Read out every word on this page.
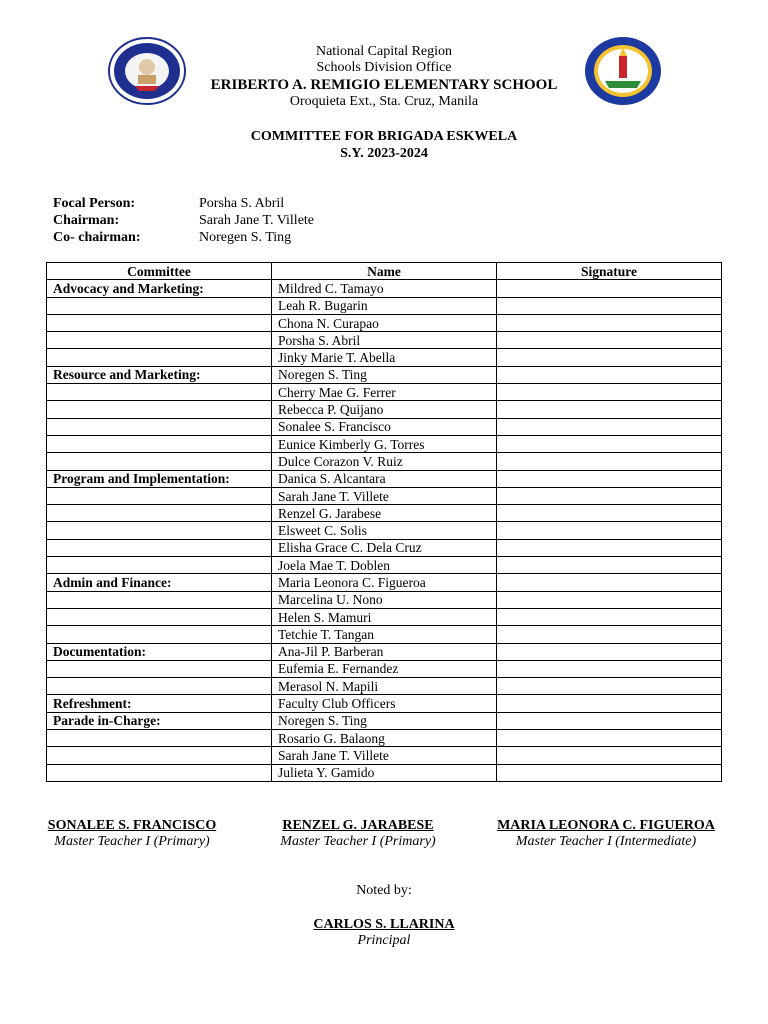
National Capital Region
Schools Division Office
ERIBERTO A. REMIGIO ELEMENTARY SCHOOL
Oroquieta Ext., Sta. Cruz, Manila
COMMITTEE FOR BRIGADA ESKWELA
S.Y. 2023-2024
Focal Person:	Porsha S. Abril
Chairman:	Sarah Jane T. Villete
Co- chairman:	Noregen S. Ting
Committee	Name	Signature
Advocacy and Marketing:	Mildred C. Tamayo	
	Leah R. Bugarin	
	Chona N. Curapao	
	Porsha S. Abril	
	Jinky Marie T. Abella	
Resource and Marketing:	Noregen S. Ting	
	Cherry Mae G. Ferrer	
	Rebecca P. Quijano	
	Sonalee S. Francisco	
	Eunice Kimberly G. Torres	
	Dulce Corazon V. Ruiz	
Program and Implementation:	Danica S. Alcantara	
	Sarah Jane T. Villete	
	Renzel G. Jarabese	
	Elsweet C. Solis	
	Elisha Grace C. Dela Cruz	
	Joela Mae T. Doblen	
Admin and Finance:	Maria Leonora C. Figueroa	
	Marcelina U. Nono	
	Helen S. Mamuri	
	Tetchie T. Tangan	
Documentation:	Ana-Jil P. Barberan	
	Eufemia E. Fernandez	
	Merasol N. Mapili	
Refreshment:	Faculty Club Officers	
Parade in-Charge:	Noregen S. Ting	
	Rosario G. Balaong	
	Sarah Jane T. Villete	
	Julieta Y. Gamido	
SONALEE S. FRANCISCO
Master Teacher I (Primary)
RENZEL G. JARABESE
Master Teacher I (Primary)
MARIA LEONORA C. FIGUEROA
Master Teacher I (Intermediate)
Noted by:
CARLOS S. LLARINA
Principal
